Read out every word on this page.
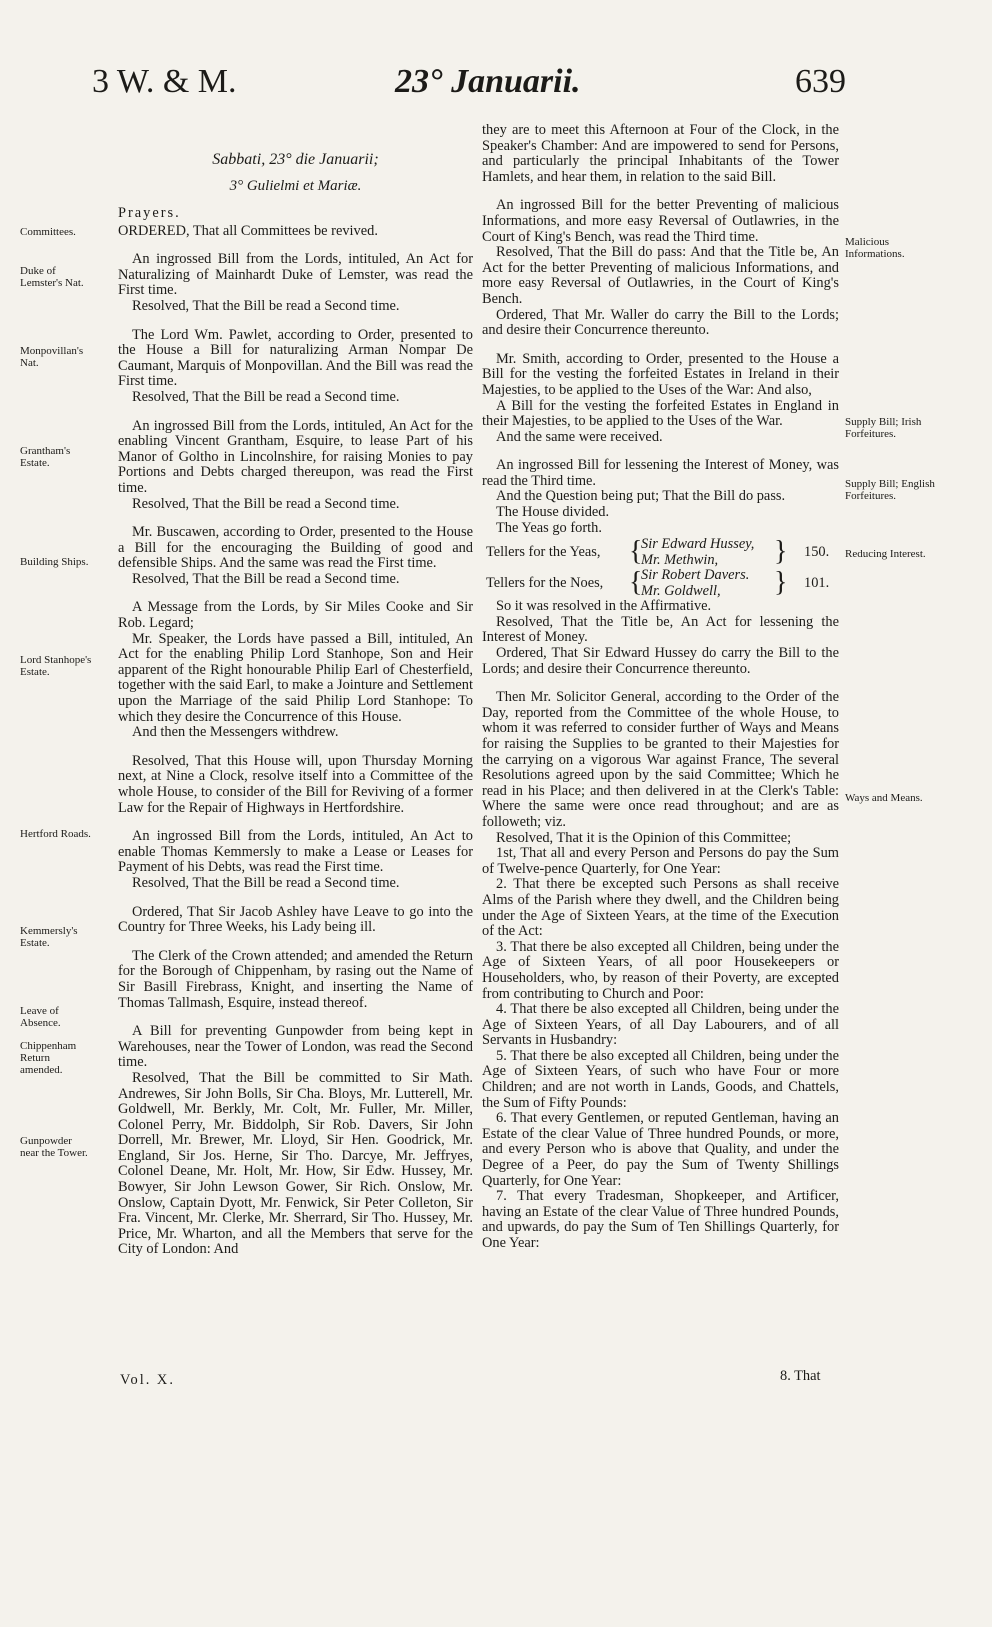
3 W. & M.	23° Januarii.	639
Committees.
Duke of Lemster's Nat.
Monpovillan's Nat.
Grantham's Estate.
Building Ships.
Lord Stanhope's Estate.
Hertford Roads.
Kemmersly's Estate.
Leave of Absence.
Chippenham Return amended.
Gunpowder near the Tower.

Sabbati, 23° die Januarii;

3° Gulielmi et Mariæ.

Prayers.

ORDERED, That all Committees be revived.

An ingrossed Bill from the Lords, intituled, An Act for Naturalizing of Mainhardt Duke of Lemster, was read the First time.

Resolved, That the Bill be read a Second time.

The Lord Wm. Pawlet, according to Order, presented to the House a Bill for naturalizing Arman Nompar De Caumant, Marquis of Monpovillan. And the Bill was read the First time.

Resolved, That the Bill be read a Second time.

An ingrossed Bill from the Lords, intituled, An Act for the enabling Vincent Grantham, Esquire, to lease Part of his Manor of Goltho in Lincolnshire, for raising Monies to pay Portions and Debts charged thereupon, was read the First time.

Resolved, That the Bill be read a Second time.

Mr. Buscawen, according to Order, presented to the House a Bill for the encouraging the Building of good and defensible Ships. And the same was read the First time.

Resolved, That the Bill be read a Second time.

A Message from the Lords, by Sir Miles Cooke and Sir Rob. Legard;

Mr. Speaker, the Lords have passed a Bill, intituled, An Act for the enabling Philip Lord Stanhope, Son and Heir apparent of the Right honourable Philip Earl of Chesterfield, together with the said Earl, to make a Jointure and Settlement upon the Marriage of the said Philip Lord Stanhope: To which they desire the Concurrence of this House.

And then the Messengers withdrew.

Resolved, That this House will, upon Thursday Morning next, at Nine a Clock, resolve itself into a Committee of the whole House, to consider of the Bill for Reviving of a former Law for the Repair of Highways in Hertfordshire.

An ingrossed Bill from the Lords, intituled, An Act to enable Thomas Kemmersly to make a Lease or Leases for Payment of his Debts, was read the First time.

Resolved, That the Bill be read a Second time.

Ordered, That Sir Jacob Ashley have Leave to go into the Country for Three Weeks, his Lady being ill.

The Clerk of the Crown attended; and amended the Return for the Borough of Chippenham, by rasing out the Name of Sir Basill Firebrass, Knight, and inserting the Name of Thomas Tallmash, Esquire, instead thereof.

A Bill for preventing Gunpowder from being kept in Warehouses, near the Tower of London, was read the Second time.

Resolved, That the Bill be committed to Sir Math. Andrewes, Sir John Bolls, Sir Cha. Bloys, Mr. Lutterell, Mr. Goldwell, Mr. Berkly, Mr. Colt, Mr. Fuller, Mr. Miller, Colonel Perry, Mr. Biddolph, Sir Rob. Davers, Sir John Dorrell, Mr. Brewer, Mr. Lloyd, Sir Hen. Goodrick, Mr. England, Sir Jos. Herne, Sir Tho. Darcye, Mr. Jeffryes, Colonel Deane, Mr. Holt, Mr. How, Sir Edw. Hussey, Mr. Bowyer, Sir John Lewson Gower, Sir Rich. Onslow, Mr. Onslow, Captain Dyott, Mr. Fenwick, Sir Peter Colleton, Sir Fra. Vincent, Mr. Clerke, Mr. Sherrard, Sir Tho. Hussey, Mr. Price, Mr. Wharton, and all the Members that serve for the City of London: And

Malicious Informations.
Supply Bill; Irish Forfeitures.
Supply Bill; English Forfeitures.
Reducing Interest.
Ways and Means.

they are to meet this Afternoon at Four of the Clock, in the Speaker's Chamber: And are impowered to send for Persons, and particularly the principal Inhabitants of the Tower Hamlets, and hear them, in relation to the said Bill.

An ingrossed Bill for the better Preventing of malicious Informations, and more easy Reversal of Outlawries, in the Court of King's Bench, was read the Third time.

Resolved, That the Bill do pass: And that the Title be, An Act for the better Preventing of malicious Informations, and more easy Reversal of Outlawries, in the Court of King's Bench.

Ordered, That Mr. Waller do carry the Bill to the Lords; and desire their Concurrence thereunto.

Mr. Smith, according to Order, presented to the House a Bill for the vesting the forfeited Estates in Ireland in their Majesties, to be applied to the Uses of the War: And also,

A Bill for the vesting the forfeited Estates in England in their Majesties, to be applied to the Uses of the War.

And the same were received.

An ingrossed Bill for lessening the Interest of Money, was read the Third time.

And the Question being put; That the Bill do pass.

The House divided.

The Yeas go forth.

Tellers for the Yeas, {
Sir Edward Hussey,
Mr. Methwin,	} 150.
Tellers for the Noes, {
Sir Robert Davers.
Mr. Goldwell,	} 101.

So it was resolved in the Affirmative.

Resolved, That the Title be, An Act for lessening the Interest of Money.

Ordered, That Sir Edward Hussey do carry the Bill to the Lords; and desire their Concurrence thereunto.

Then Mr. Solicitor General, according to the Order of the Day, reported from the Committee of the whole House, to whom it was referred to consider further of Ways and Means for raising the Supplies to be granted to their Majesties for the carrying on a vigorous War against France, The several Resolutions agreed upon by the said Committee; Which he read in his Place; and then delivered in at the Clerk's Table: Where the same were once read throughout; and are as followeth; viz.

Resolved, That it is the Opinion of this Committee;

1st, That all and every Person and Persons do pay the Sum of Twelve-pence Quarterly, for One Year:

2. That there be excepted such Persons as shall receive Alms of the Parish where they dwell, and the Children being under the Age of Sixteen Years, at the time of the Execution of the Act:

3. That there be also excepted all Children, being under the Age of Sixteen Years, of all poor Housekeepers or Householders, who, by reason of their Poverty, are excepted from contributing to Church and Poor:

4. That there be also excepted all Children, being under the Age of Sixteen Years, of all Day Labourers, and of all Servants in Husbandry:

5. That there be also excepted all Children, being under the Age of Sixteen Years, of such who have Four or more Children; and are not worth in Lands, Goods, and Chattels, the Sum of Fifty Pounds:

6. That every Gentlemen, or reputed Gentleman, having an Estate of the clear Value of Three hundred Pounds, or more, and every Person who is above that Quality, and under the Degree of a Peer, do pay the Sum of Twenty Shillings Quarterly, for One Year:

7. That every Tradesman, Shopkeeper, and Artificer, having an Estate of the clear Value of Three hundred Pounds, and upwards, do pay the Sum of Ten Shillings Quarterly, for One Year:

Vol. X.	8. That
